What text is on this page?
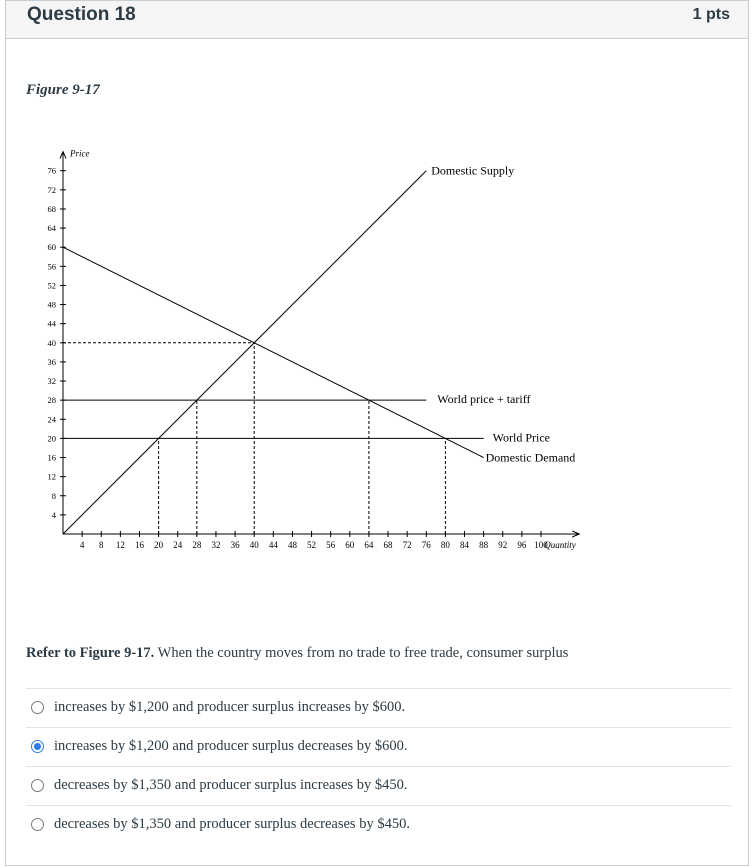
Question 18	1 pts
Figure 9-17
Price
Quantity
4 8 12 16 20 24 28 32 36 40 44 48 52 56 60 64 68 72 76 80 84 88 92 96 100
4
8
12
16
20
24
28
32
36
40
44
48
52
56
60
64
68
72
76	Domestic Supply
Domestic Demand
World price + tariff
World Price
Refer to Figure 9-17. When the country moves from no trade to free trade, consumer surplus
increases by $1,200 and producer surplus increases by $600.
increases by $1,200 and producer surplus decreases by $600.
decreases by $1,350 and producer surplus increases by $450.
decreases by $1,350 and producer surplus decreases by $450.
